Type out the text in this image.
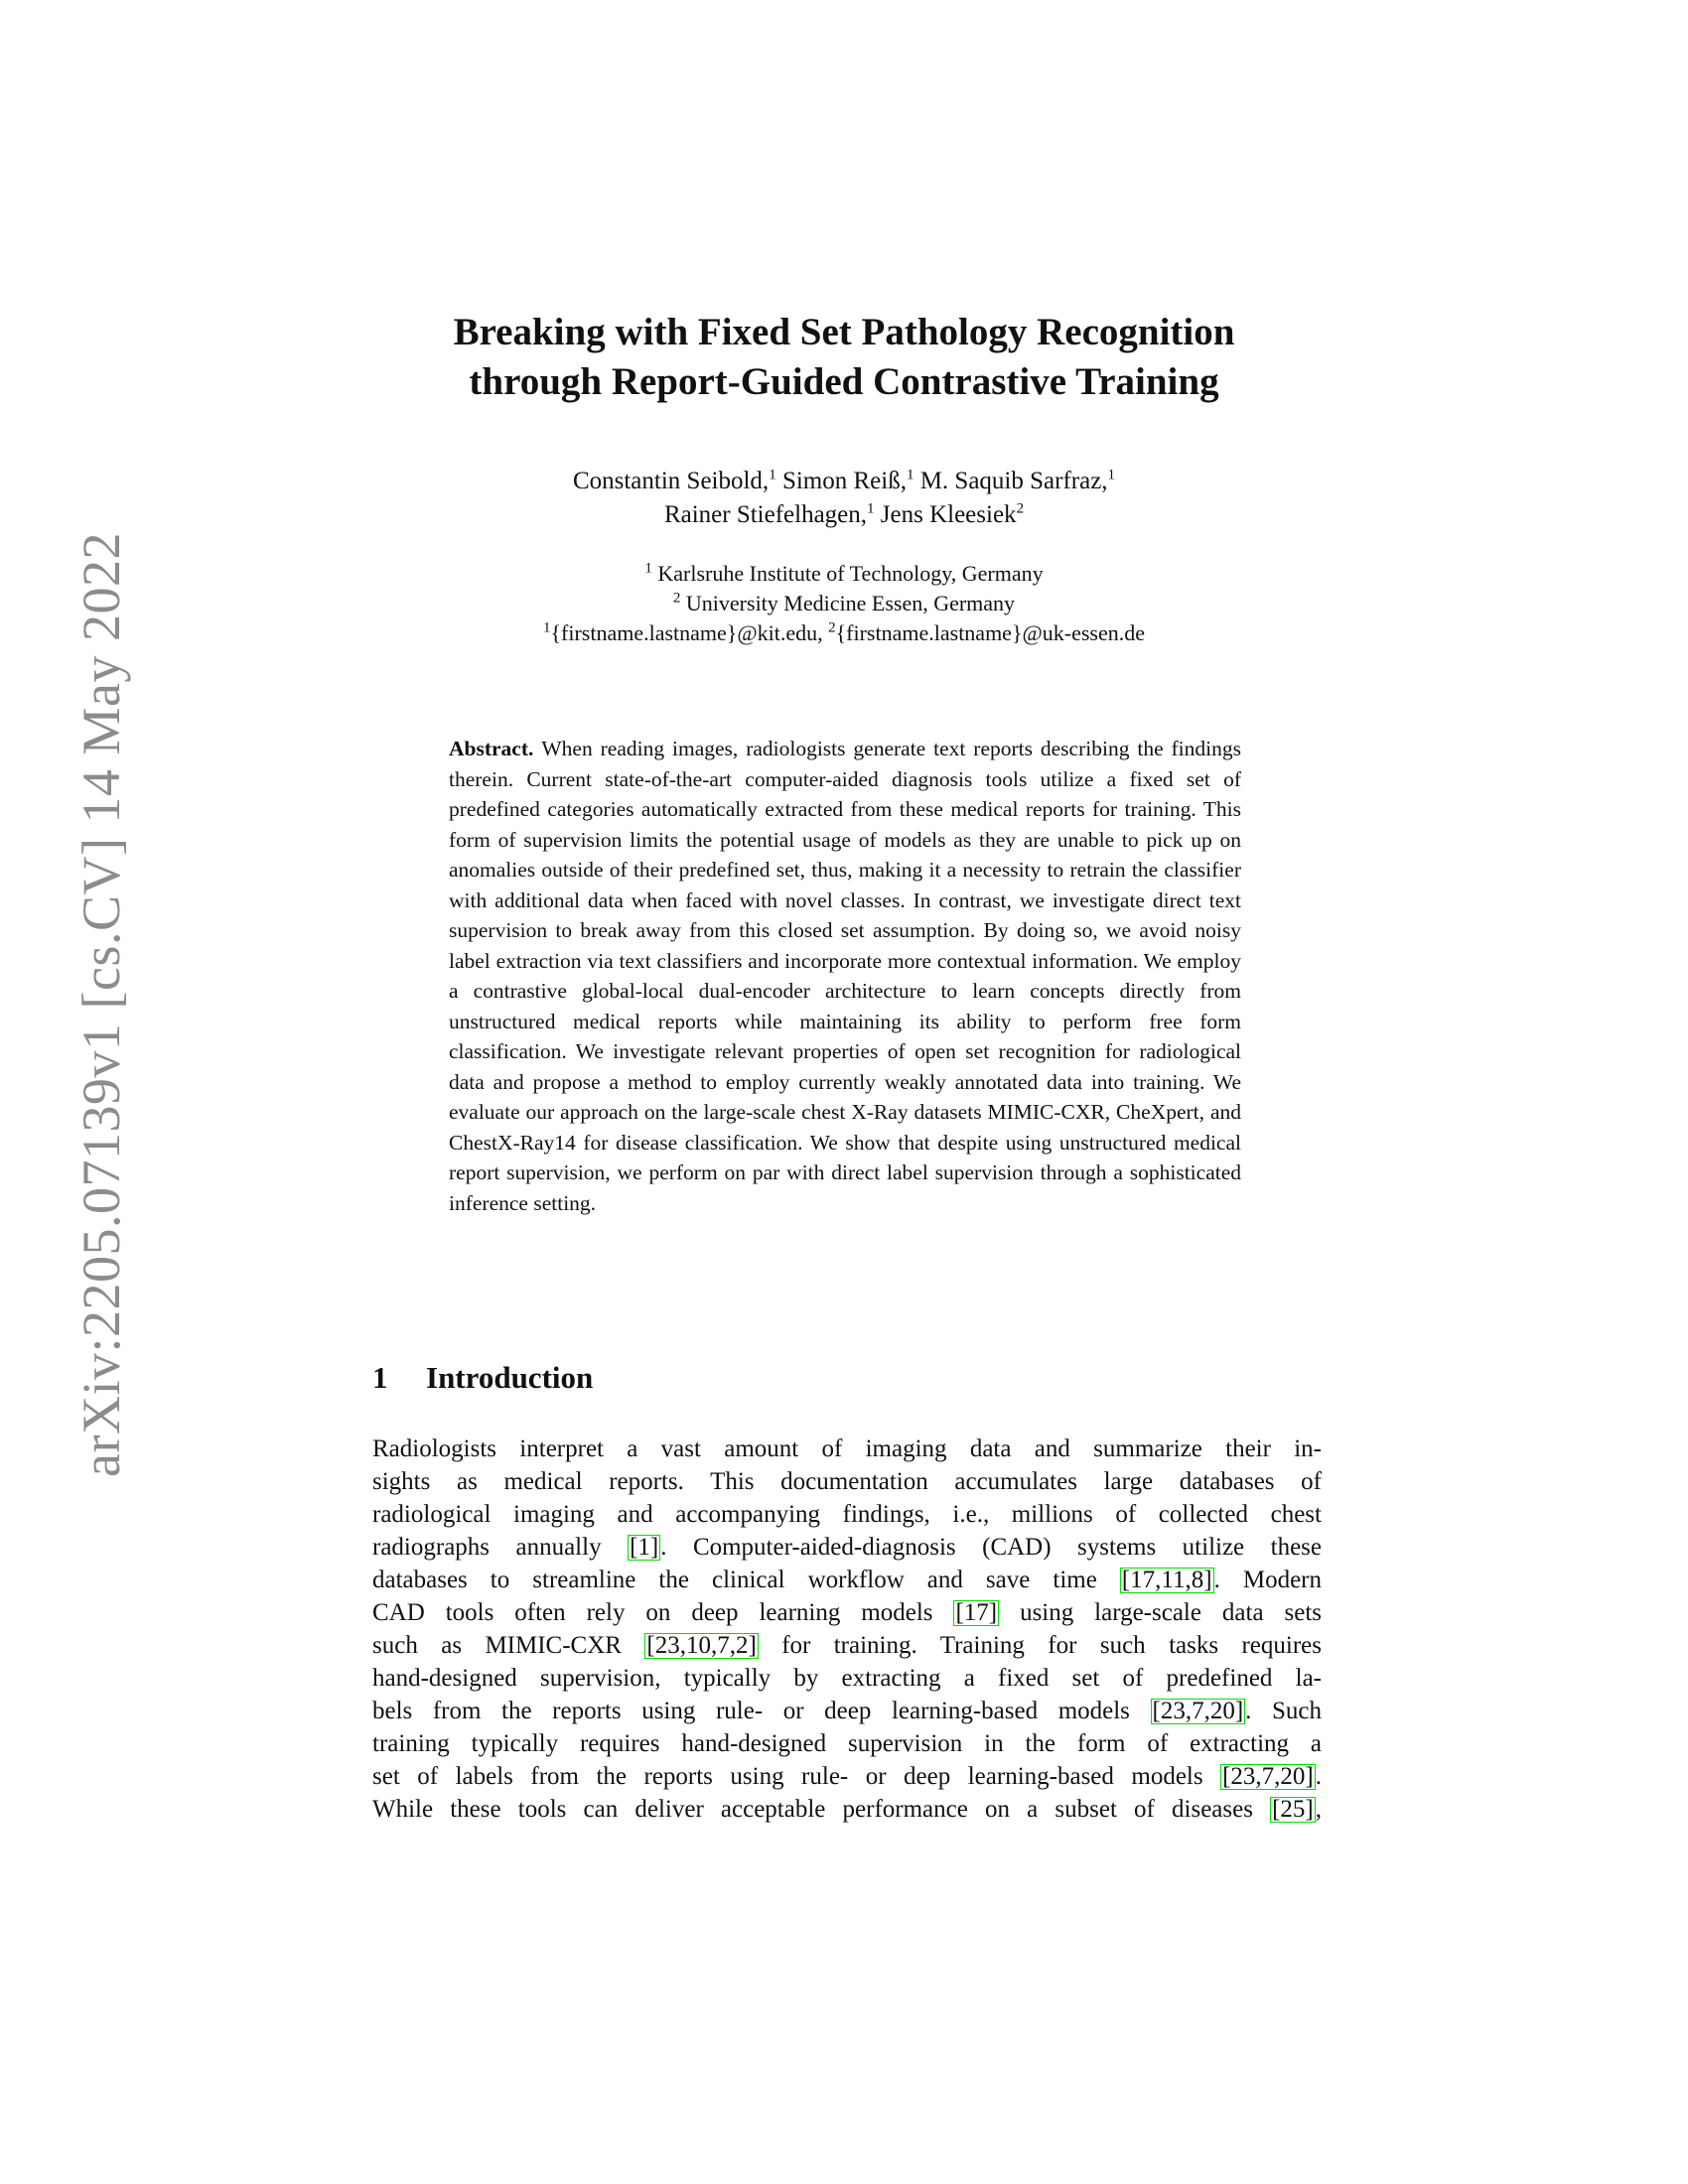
arXiv:2205.07139v1 [cs.CV] 14 May 2022
Breaking with Fixed Set Pathology Recognition
through Report-Guided Contrastive Training
Constantin Seibold,$^1$ Simon Reiß,$^1$ M. Saquib Sarfraz,$^1$
Rainer Stiefelhagen,$^1$ Jens Kleesiek$^2$
$^1$ Karlsruhe Institute of Technology, Germany
$^2$ University Medicine Essen, Germany
$^1${firstname.lastname}@kit.edu, $^2${firstname.lastname}@uk-essen.de
Abstract. When reading images, radiologists generate text reports describing the findings therein. Current state-of-the-art computer-aided diagnosis tools utilize a fixed set of predefined categories automatically extracted from these medical reports for training. This form of supervision limits the potential usage of models as they are unable to pick up on anomalies outside of their predefined set, thus, making it a necessity to retrain the classifier with additional data when faced with novel classes. In contrast, we investigate direct text supervision to break away from this closed set assumption. By doing so, we avoid noisy label extraction via text classifiers and incorporate more contextual information. We employ a contrastive global-local dual-encoder architecture to learn concepts directly from unstructured medical reports while maintaining its ability to perform free form classification. We investigate relevant properties of open set recognition for radiological data and propose a method to employ currently weakly annotated data into training. We evaluate our approach on the large-scale chest X-Ray datasets MIMIC-CXR, CheXpert, and ChestX-Ray14 for disease classification. We show that despite using unstructured medical report supervision, we perform on par with direct label supervision through a sophisticated inference setting.
1 Introduction
Radiologists interpret a vast amount of imaging data and summarize their in-
sights as medical reports. This documentation accumulates large databases of
radiological imaging and accompanying findings, i.e., millions of collected chest
radiographs annually [1]. Computer-aided-diagnosis (CAD) systems utilize these
databases to streamline the clinical workflow and save time [17,11,8]. Modern
CAD tools often rely on deep learning models [17] using large-scale data sets
such as MIMIC-CXR [23,10,7,2] for training. Training for such tasks requires
hand-designed supervision, typically by extracting a fixed set of predefined la-
bels from the reports using rule- or deep learning-based models [23,7,20]. Such
training typically requires hand-designed supervision in the form of extracting a
set of labels from the reports using rule- or deep learning-based models [23,7,20].
While these tools can deliver acceptable performance on a subset of diseases [25],
